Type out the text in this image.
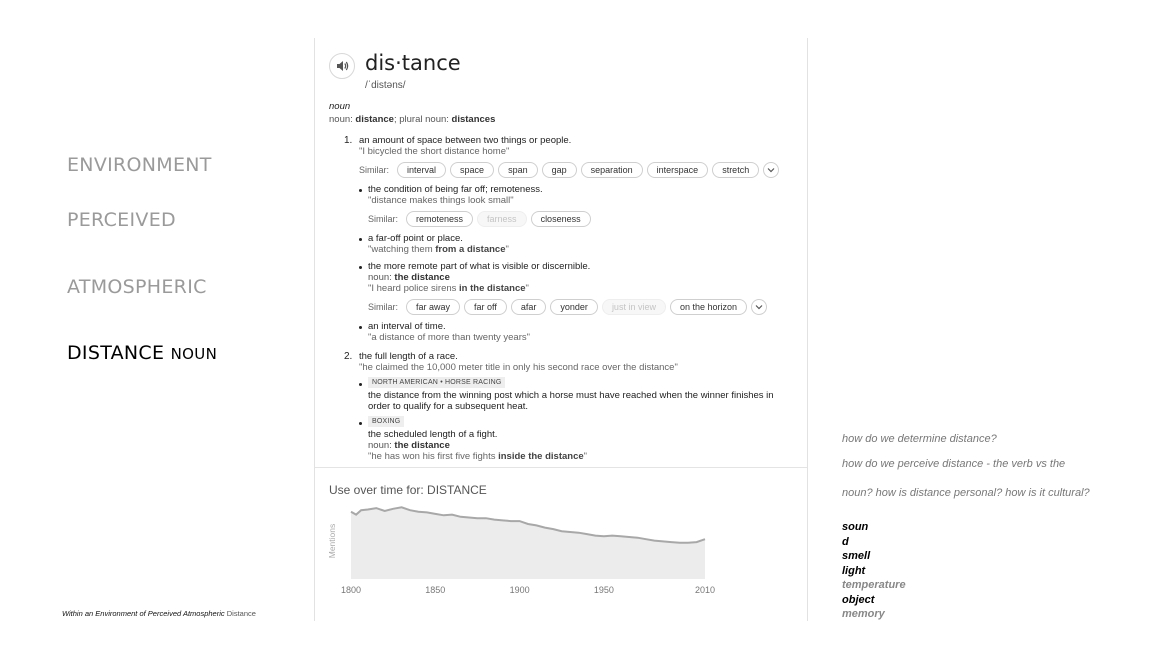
ENVIRONMENT
PERCEIVED
ATMOSPHERIC
DISTANCE NOUN
Within an Environment of Perceived Atmospheric Distance
dis·tance
/ˈdistəns/
noun
noun: distance; plural noun: distances
1. an amount of space between two things or people.
"I bicycled the short distance home"
Similar:	interval	space	span	gap	separation	interspace	stretch
the condition of being far off; remoteness.
"distance makes things look small"
Similar:	remoteness	farness	closeness
a far-off point or place.
"watching them from a distance"
the more remote part of what is visible or discernible.
noun: the distance
"I heard police sirens in the distance"
Similar:	far away	far off	afar	yonder	just in view	on the horizon
an interval of time.
"a distance of more than twenty years"
2. the full length of a race.
"he claimed the 10,000 meter title in only his second race over the distance"
NORTH AMERICAN • HORSE RACING
the distance from the winning post which a horse must have reached when the winner finishes in
order to qualify for a subsequent heat.
BOXING
the scheduled length of a fight.
noun: the distance
"he has won his first five fights inside the distance"
Use over time for: DISTANCE
Mentions
1800	1850	1900	1950	2010
how do we determine distance?
how do we perceive distance - the verb vs the
noun? how is distance personal? how is it cultural?
soun
d
smell
light
temperature
object
memory
